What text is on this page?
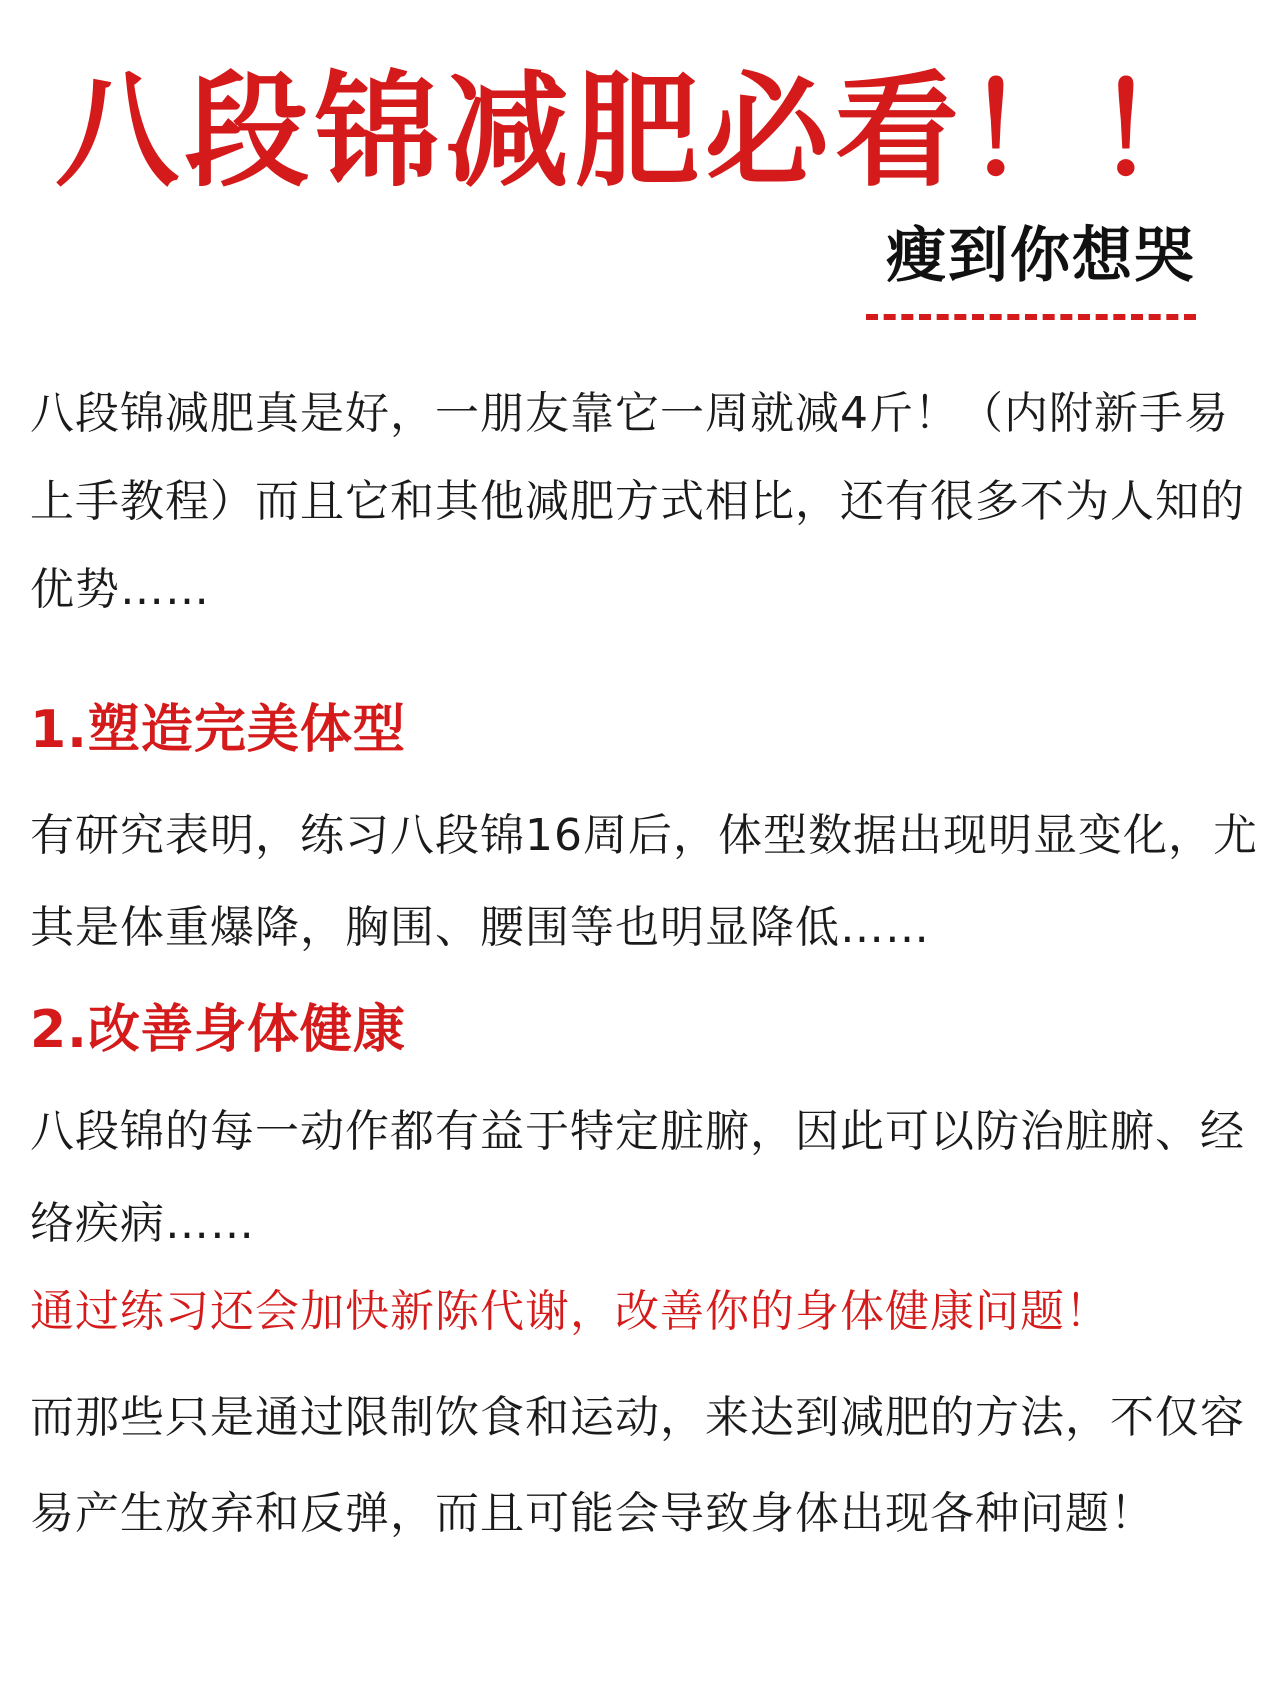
八段锦减肥必看！！
瘦到你想哭

八段锦减肥真是好，一朋友靠它一周就减4斤！（内附新手易上手教程）而且它和其他减肥方式相比，还有很多不为人知的优势……

1.塑造完美体型

有研究表明，练习八段锦16周后，体型数据出现明显变化，尤其是体重爆降，胸围、腰围等也明显降低……

2.改善身体健康

八段锦的每一动作都有益于特定脏腑，因此可以防治脏腑、经络疾病……

通过练习还会加快新陈代谢，改善你的身体健康问题！

而那些只是通过限制饮食和运动，来达到减肥的方法，不仅容易产生放弃和反弹，而且可能会导致身体出现各种问题！
